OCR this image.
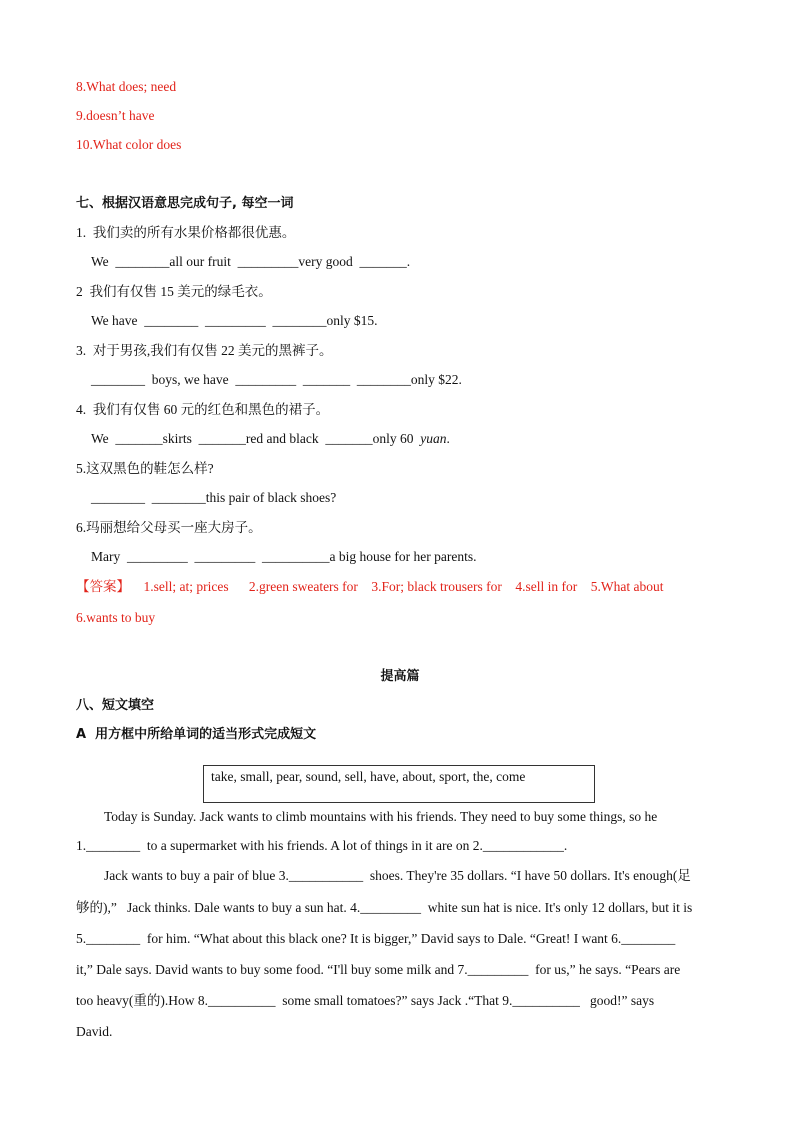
8.What does; need
9.doesn’t have
10.What color does
七、根据汉语意思完成句子, 每空一词
1.  我们卖的所有水果价格都很优惠。
We  ________all our fruit  _________very good  _______.
2  我们有仅售 15 美元的绿毛衣。
We have  ________  _________  ________only $15.
3.  对于男孩,我们有仅售 22 美元的黑裤子。
________  boys, we have  _________  _______  ________only $22.
4.  我们有仅售 60 元的红色和黑色的裙子。
We  _______skirts  _______red and black  _______only 60  yuan.
5.这双黑色的鞋怎么样?
________  ________this pair of black shoes?
6.玛丽想给父母买一座大房子。
Mary  _________  _________  __________a big house for her parents.
【答案】    1.sell; at; prices      2.green sweaters for    3.For; black trousers for    4.sell in for    5.What about
6.wants to buy
提高篇
八、短文填空
A  用方框中所给单词的适当形式完成短文
take, small, pear, sound, sell, have, about, sport, the, come
Today is Sunday. Jack wants to climb mountains with his friends. They need to buy some things, so he
1.________  to a supermarket with his friends. A lot of things in it are on 2.____________.
Jack wants to buy a pair of blue 3.___________  shoes. They're 35 dollars. “I have 50 dollars. It's enough(足
够的),”   Jack thinks. Dale wants to buy a sun hat. 4._________  white sun hat is nice. It's only 12 dollars, but it is
5.________  for him. “What about this black one? It is bigger,” David says to Dale. “Great! I want 6.________
it,” Dale says. David wants to buy some food. “I'll buy some milk and 7._________  for us,” he says. “Pears are
too heavy(重的).How 8.__________  some small tomatoes?” says Jack .“That 9.__________   good!” says
David.
